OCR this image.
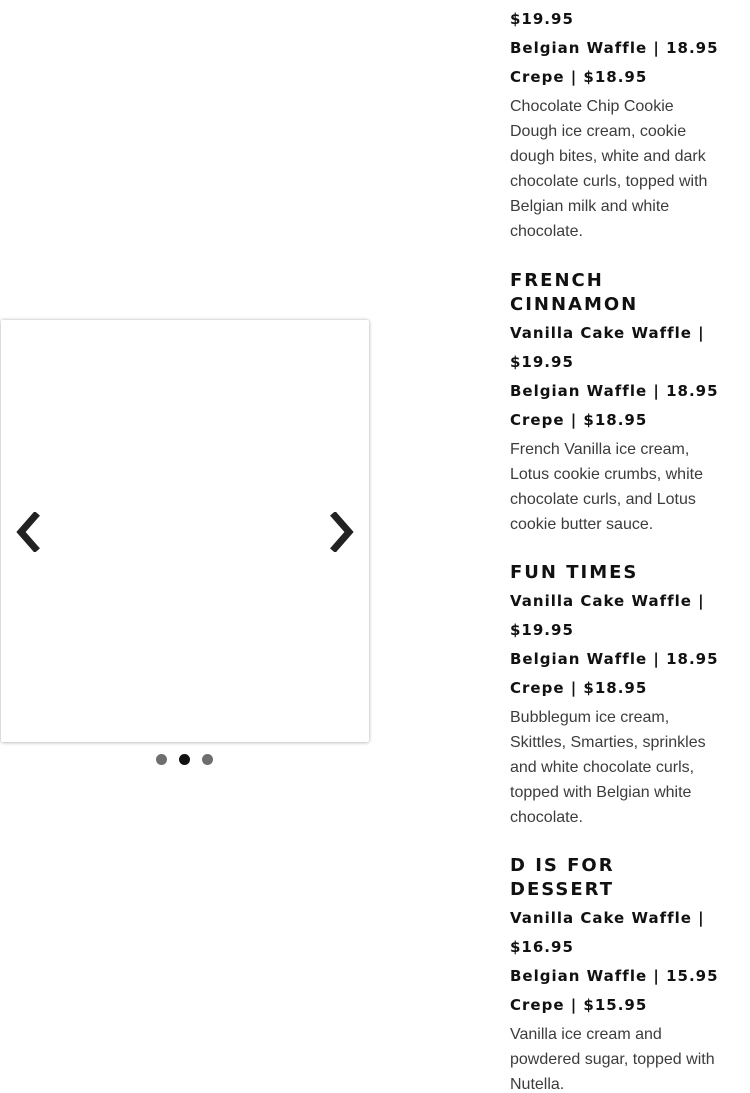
$19.95
Belgian Waffle | 18.95
Crepe | $18.95

Chocolate Chip Cookie Dough ice cream, cookie dough bites, white and dark chocolate curls, topped with Belgian milk and white chocolate.

FRENCH CINNAMON
Vanilla Cake Waffle |
$19.95
Belgian Waffle | 18.95
Crepe | $18.95

French Vanilla ice cream, Lotus cookie crumbs, white chocolate curls, and Lotus cookie butter sauce.

FUN TIMES
Vanilla Cake Waffle |
$19.95
Belgian Waffle | 18.95
Crepe | $18.95

Bubblegum ice cream, Skittles, Smarties, sprinkles and white chocolate curls, topped with Belgian white chocolate.

D IS FOR DESSERT
Vanilla Cake Waffle |
$16.95
Belgian Waffle | 15.95
Crepe | $15.95

Vanilla ice cream and powdered sugar, topped with Nutella.
